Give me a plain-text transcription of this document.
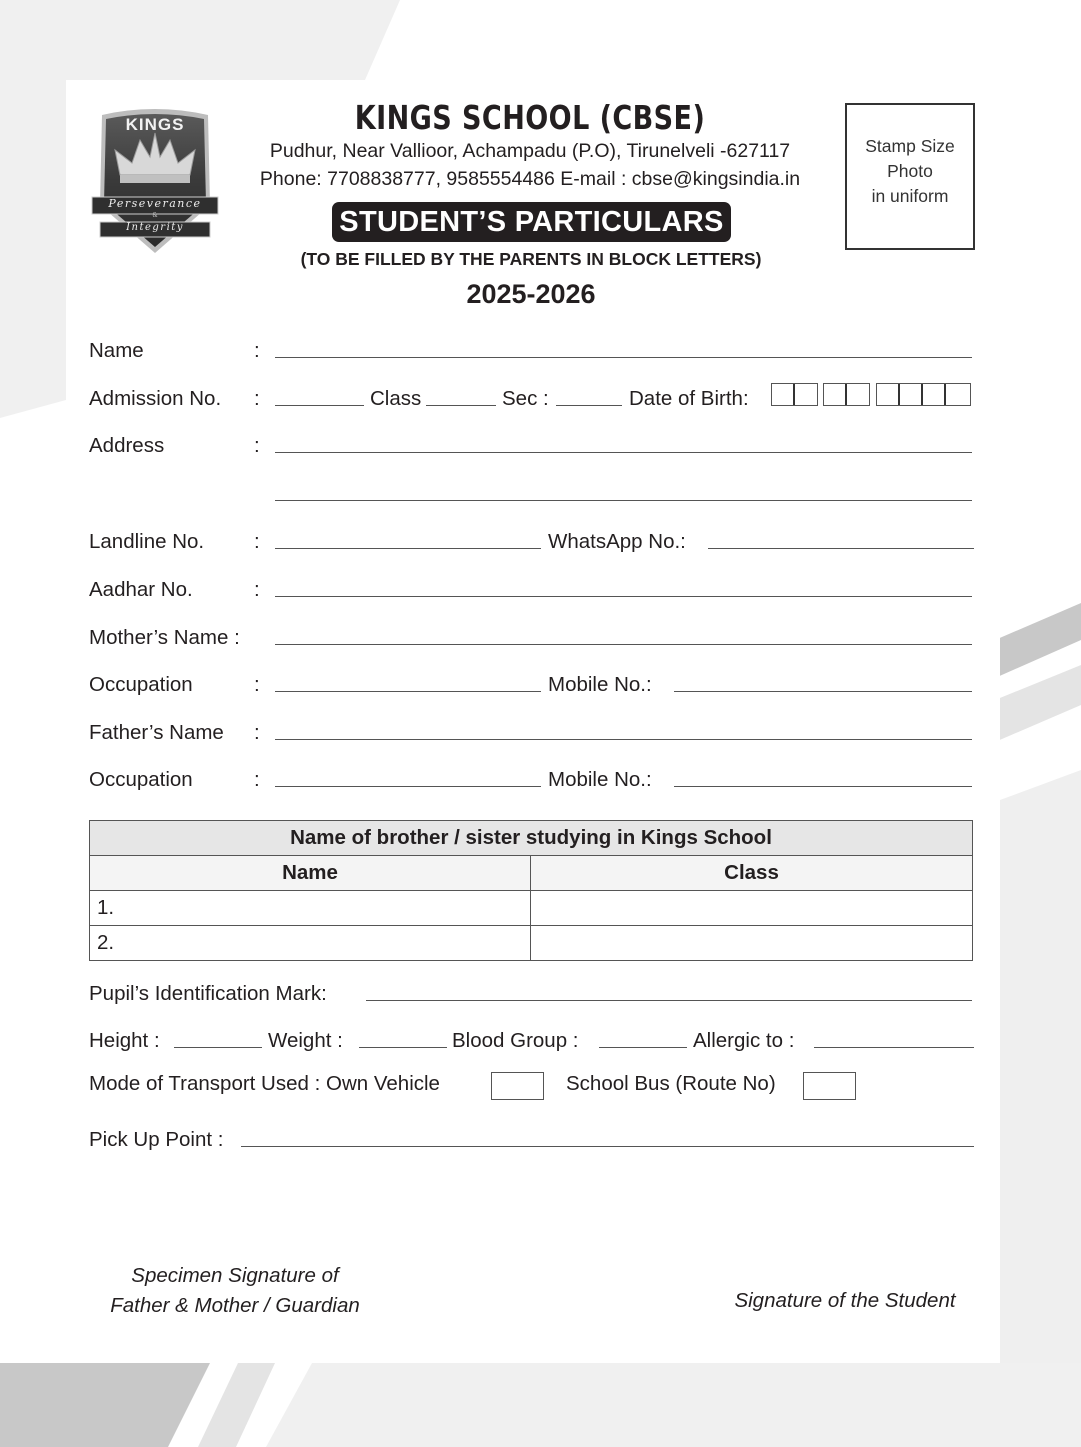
KINGS
Perseverance
&
Integrity
KINGS SCHOOL (CBSE)
Pudhur, Near Vallioor, Achampadu (P.O), Tirunelveli -627117
Phone: 7708838777, 9585554486 E-mail : cbse@kingsindia.in
STUDENT’S PARTICULARS
(TO BE FILLED BY THE PARENTS IN BLOCK LETTERS)
2025-2026
Stamp Size
Photo
in uniform
Name	:
Admission No. :	Class	Sec :	Date of Birth:
Address	:
Landline No. :	WhatsApp No.:
Aadhar No.	:
Mother’s Name :
Occupation	:	Mobile No.:
Father’s Name :
Occupation	:	Mobile No.:
Name of brother / sister studying in Kings School	
Name	Class
1.	
2.	
Pupil’s Identification Mark:
Height :	Weight :	Blood Group :	Allergic to :
Mode of Transport Used : Own Vehicle	School Bus (Route No)
Pick Up Point :
Specimen Signature of
Father & Mother / Guardian	Signature of the Student
